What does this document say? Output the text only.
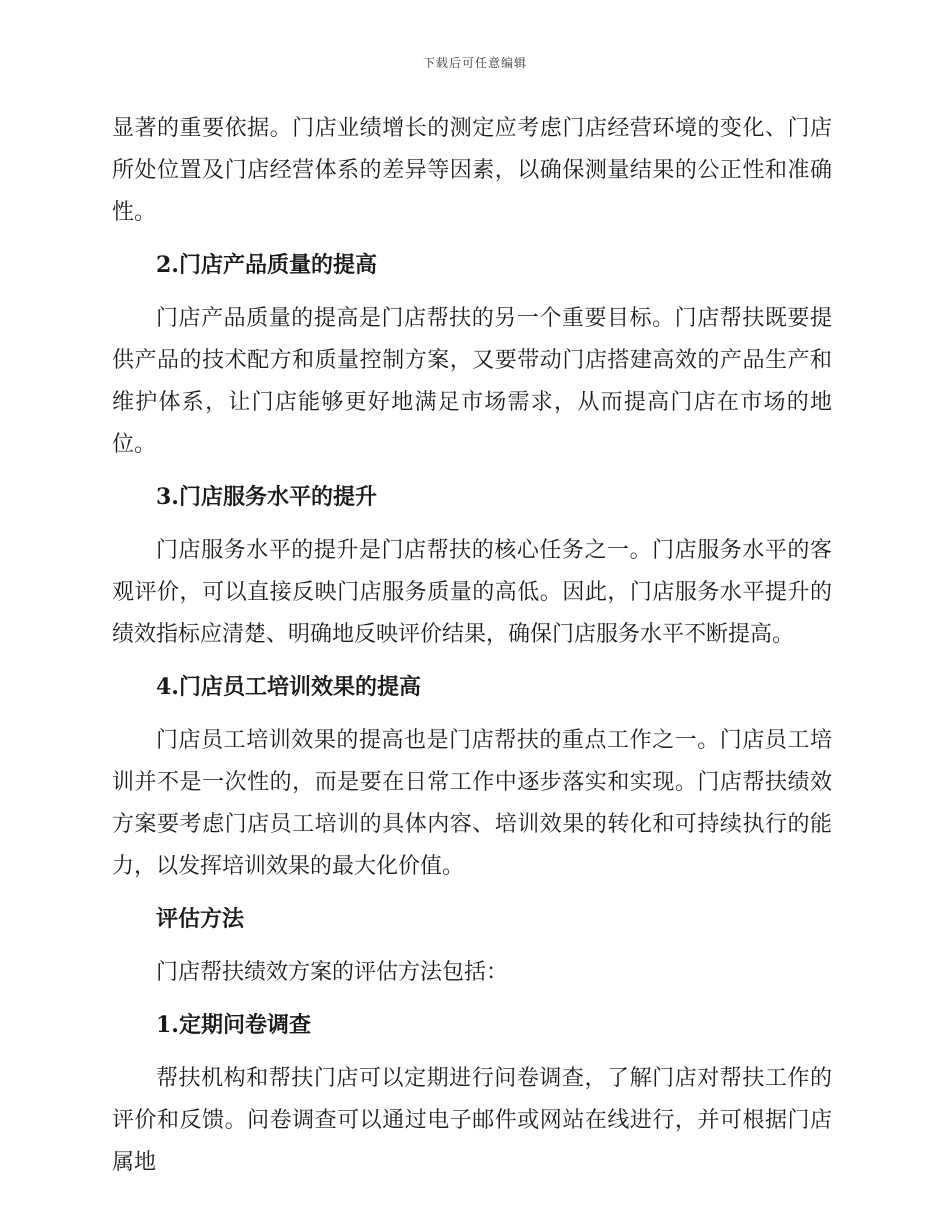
下载后可任意编辑

显著的重要依据。门店业绩增长的测定应考虑门店经营环境的变化、门店所处位置及门店经营体系的差异等因素，以确保测量结果的公正性和准确性。

2.门店产品质量的提高

门店产品质量的提高是门店帮扶的另一个重要目标。门店帮扶既要提供产品的技术配方和质量控制方案，又要带动门店搭建高效的产品生产和维护体系，让门店能够更好地满足市场需求，从而提高门店在市场的地位。

3.门店服务水平的提升

门店服务水平的提升是门店帮扶的核心任务之一。门店服务水平的客观评价，可以直接反映门店服务质量的高低。因此，门店服务水平提升的绩效指标应清楚、明确地反映评价结果，确保门店服务水平不断提高。

4.门店员工培训效果的提高

门店员工培训效果的提高也是门店帮扶的重点工作之一。门店员工培训并不是一次性的，而是要在日常工作中逐步落实和实现。门店帮扶绩效方案要考虑门店员工培训的具体内容、培训效果的转化和可持续执行的能力，以发挥培训效果的最大化价值。

评估方法

门店帮扶绩效方案的评估方法包括：

1.定期问卷调查

帮扶机构和帮扶门店可以定期进行问卷调查，了解门店对帮扶工作的评价和反馈。问卷调查可以通过电子邮件或网站在线进行，并可根据门店属地
